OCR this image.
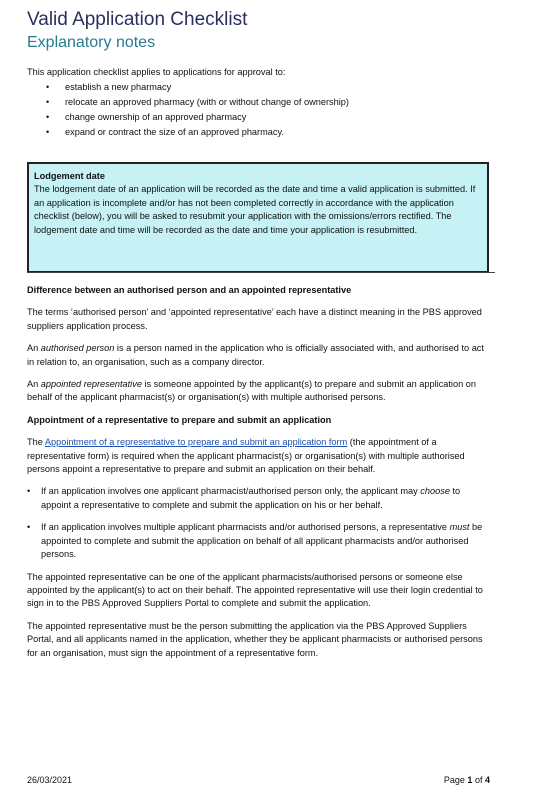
Valid Application Checklist
Explanatory notes
This application checklist applies to applications for approval to:
• establish a new pharmacy
• relocate an approved pharmacy (with or without change of ownership)
• change ownership of an approved pharmacy
• expand or contract the size of an approved pharmacy.
Lodgement date
The lodgement date of an application will be recorded as the date and time a valid application is submitted. If an application is incomplete and/or has not been completed correctly in accordance with the application checklist (below), you will be asked to resubmit your application with the omissions/errors rectified. The lodgement date and time will be recorded as the date and time your application is resubmitted.
Difference between an authorised person and an appointed representative

The terms ‘authorised person’ and ‘appointed representative’ each have a distinct meaning in the PBS approved suppliers application process.

An authorised person is a person named in the application who is officially associated with, and authorised to act in relation to, an organisation, such as a company director.

An appointed representative is someone appointed by the applicant(s) to prepare and submit an application on behalf of the applicant pharmacist(s) or organisation(s) with multiple authorised persons.

Appointment of a representative to prepare and submit an application

The Appointment of a representative to prepare and submit an application form (the appointment of a representative form) is required when the applicant pharmacist(s) or organisation(s) with multiple authorised persons appoint a representative to prepare and submit an application on their behalf.

• If an application involves one applicant pharmacist/authorised person only, the applicant may choose to appoint a representative to complete and submit the application on his or her behalf.
• If an application involves multiple applicant pharmacists and/or authorised persons, a representative must be appointed to complete and submit the application on behalf of all applicant pharmacists and/or authorised persons.

The appointed representative can be one of the applicant pharmacists/authorised persons or someone else appointed by the applicant(s) to act on their behalf. The appointed representative will use their login credential to sign in to the PBS Approved Suppliers Portal to complete and submit the application.

The appointed representative must be the person submitting the application via the PBS Approved Suppliers Portal, and all applicants named in the application, whether they be applicant pharmacists or authorised persons for an organisation, must sign the appointment of a representative form.

26/03/2021	Page 1 of 4
